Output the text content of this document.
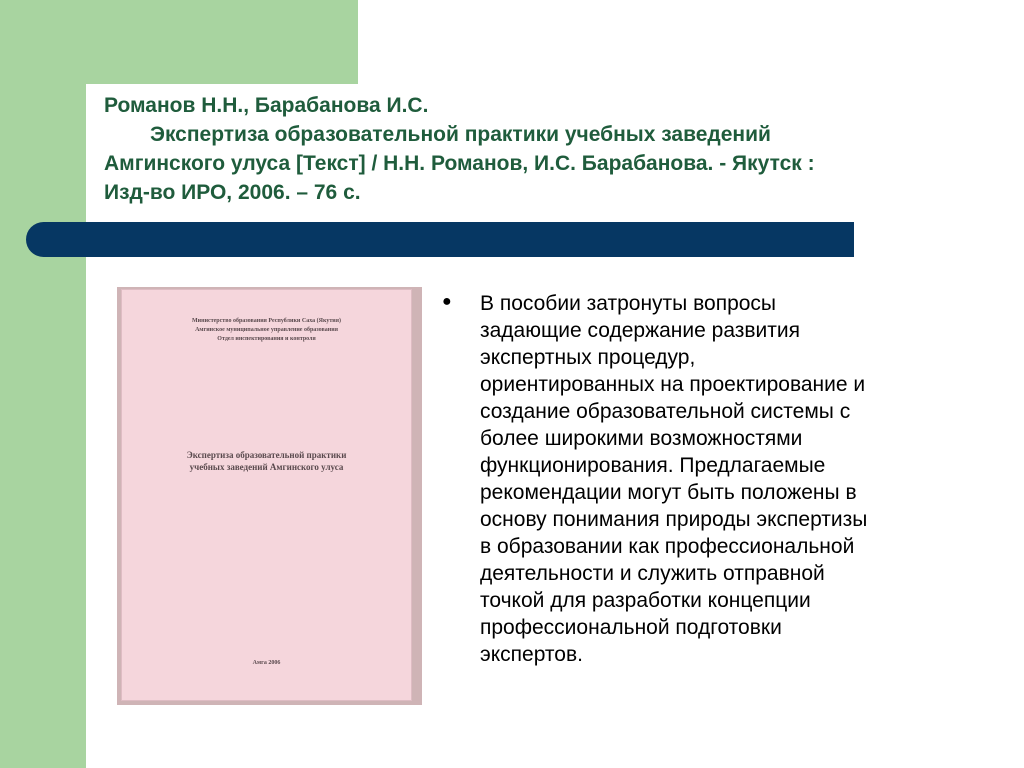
Романов Н.Н., Барабанова И.С.
Экспертиза образовательной практики учебных заведений
Амгинского улуса [Текст] / Н.Н. Романов, И.С. Барабанова. - Якутск :
Изд-во ИРО, 2006. – 76 с.
Министерство образования Республики Саха (Якутия)
Амгинское муниципальное управление образования
Отдел инспектирования и контроля
Экспертиза образовательной практики
учебных заведений Амгинского улуса
Амга 2006
● В пособии затронуты вопросы
задающие содержание развития
экспертных процедур,
ориентированных на проектирование и
создание образовательной системы с
более широкими возможностями
функционирования. Предлагаемые
рекомендации могут быть положены в
основу понимания природы экспертизы
в образовании как профессиональной
деятельности и служить отправной
точкой для разработки концепции
профессиональной подготовки
экспертов.
